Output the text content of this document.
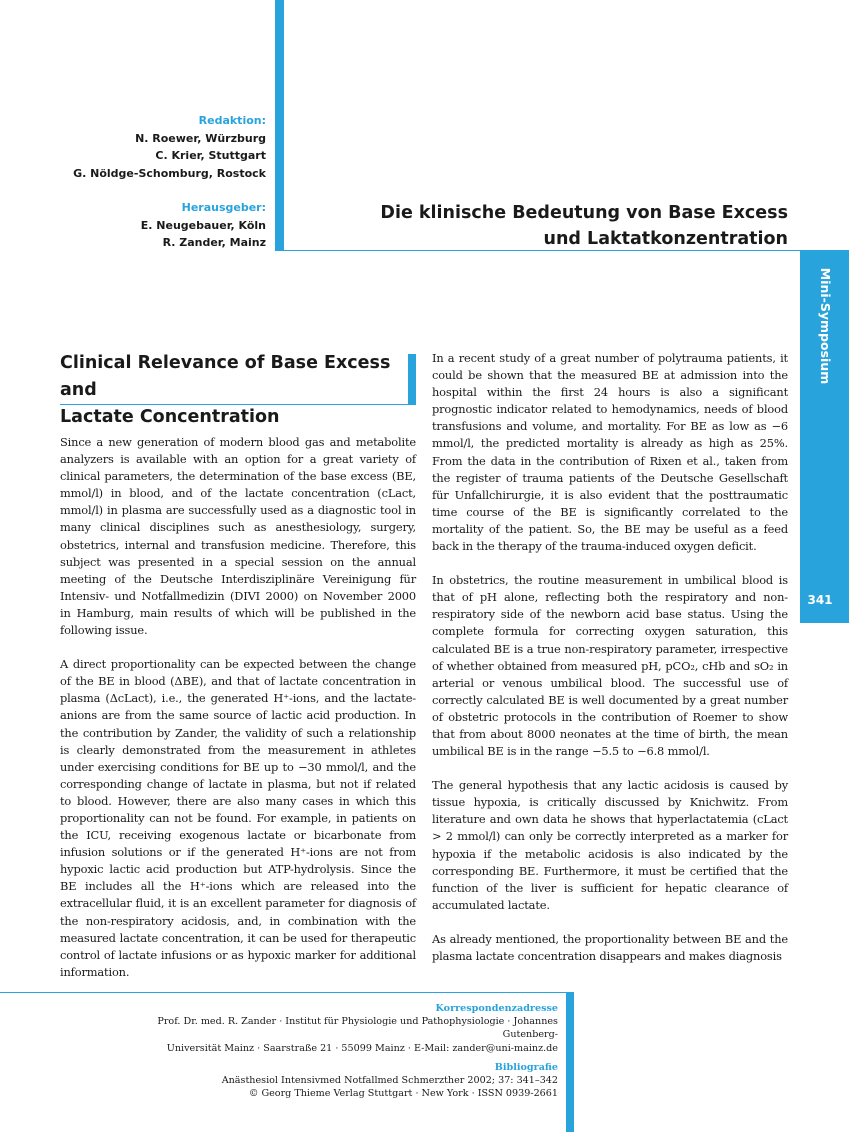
Redaktion:
N. Roewer, Würzburg
C. Krier, Stuttgart
G. Nöldge-Schomburg, Rostock
Herausgeber:
E. Neugebauer, Köln
R. Zander, Mainz
Die klinische Bedeutung von Base Excess
und Laktatkonzentration
Mini-Symposium
341
Clinical Relevance of Base Excess and
Lactate Concentration

Since a new generation of modern blood gas and metabolite analyzers is available with an option for a great variety of clinical parameters, the determination of the base excess (BE, mmol/l) in blood, and of the lactate concentration (cLact, mmol/l) in plasma are successfully used as a diagnostic tool in many clinical disciplines such as anesthesiology, surgery, obstetrics, internal and transfusion medicine. Therefore, this subject was presented in a special session on the annual meeting of the Deutsche Interdisziplinäre Vereinigung für Intensiv- und Notfallmedizin (DIVI 2000) on November 2000 in Hamburg, main results of which will be published in the following issue.

A direct proportionality can be expected between the change of the BE in blood (ΔBE), and that of lactate concentration in plasma (ΔcLact), i.e., the generated H⁺-ions, and the lactate-anions are from the same source of lactic acid production. In the contribution by Zander, the validity of such a relationship is clearly demonstrated from the measurement in athletes under exercising conditions for BE up to −30 mmol/l, and the corresponding change of lactate in plasma, but not if related to blood. However, there are also many cases in which this proportionality can not be found. For example, in patients on the ICU, receiving exogenous lactate or bicarbonate from infusion solutions or if the generated H⁺-ions are not from hypoxic lactic acid production but ATP-hydrolysis. Since the BE includes all the H⁺-ions which are released into the extracellular fluid, it is an excellent parameter for diagnosis of the non-respiratory acidosis, and, in combination with the measured lactate concentration, it can be used for therapeutic control of lactate infusions or as hypoxic marker for additional information.

In a recent study of a great number of polytrauma patients, it could be shown that the measured BE at admission into the hospital within the first 24 hours is also a significant prognostic indicator related to hemodynamics, needs of blood transfusions and volume, and mortality. For BE as low as −6 mmol/l, the predicted mortality is already as high as 25%. From the data in the contribution of Rixen et al., taken from the register of trauma patients of the Deutsche Gesellschaft für Unfallchirurgie, it is also evident that the posttraumatic time course of the BE is significantly correlated to the mortality of the patient. So, the BE may be useful as a feed back in the therapy of the trauma-induced oxygen deficit.

In obstetrics, the routine measurement in umbilical blood is that of pH alone, reflecting both the respiratory and non-respiratory side of the newborn acid base status. Using the complete formula for correcting oxygen saturation, this calculated BE is a true non-respiratory parameter, irrespective of whether obtained from measured pH, pCO₂, cHb and sO₂ in arterial or venous umbilical blood. The successful use of correctly calculated BE is well documented by a great number of obstetric protocols in the contribution of Roemer to show that from about 8000 neonates at the time of birth, the mean umbilical BE is in the range −5.5 to −6.8 mmol/l.

The general hypothesis that any lactic acidosis is caused by tissue hypoxia, is critically discussed by Knichwitz. From literature and own data he shows that hyperlactatemia (cLact > 2 mmol/l) can only be correctly interpreted as a marker for hypoxia if the metabolic acidosis is also indicated by the corresponding BE. Furthermore, it must be certified that the function of the liver is sufficient for hepatic clearance of accumulated lactate.

As already mentioned, the proportionality between BE and the plasma lactate concentration disappears and makes diagnosis

Korrespondenzadresse
Prof. Dr. med. R. Zander · Institut für Physiologie und Pathophysiologie · Johannes Gutenberg-
Universität Mainz · Saarstraße 21 · 55099 Mainz · E-Mail: zander@uni-mainz.de
Bibliografie
Anästhesiol Intensivmed Notfallmed Schmerzther 2002; 37: 341–342
© Georg Thieme Verlag Stuttgart · New York · ISSN 0939-2661
